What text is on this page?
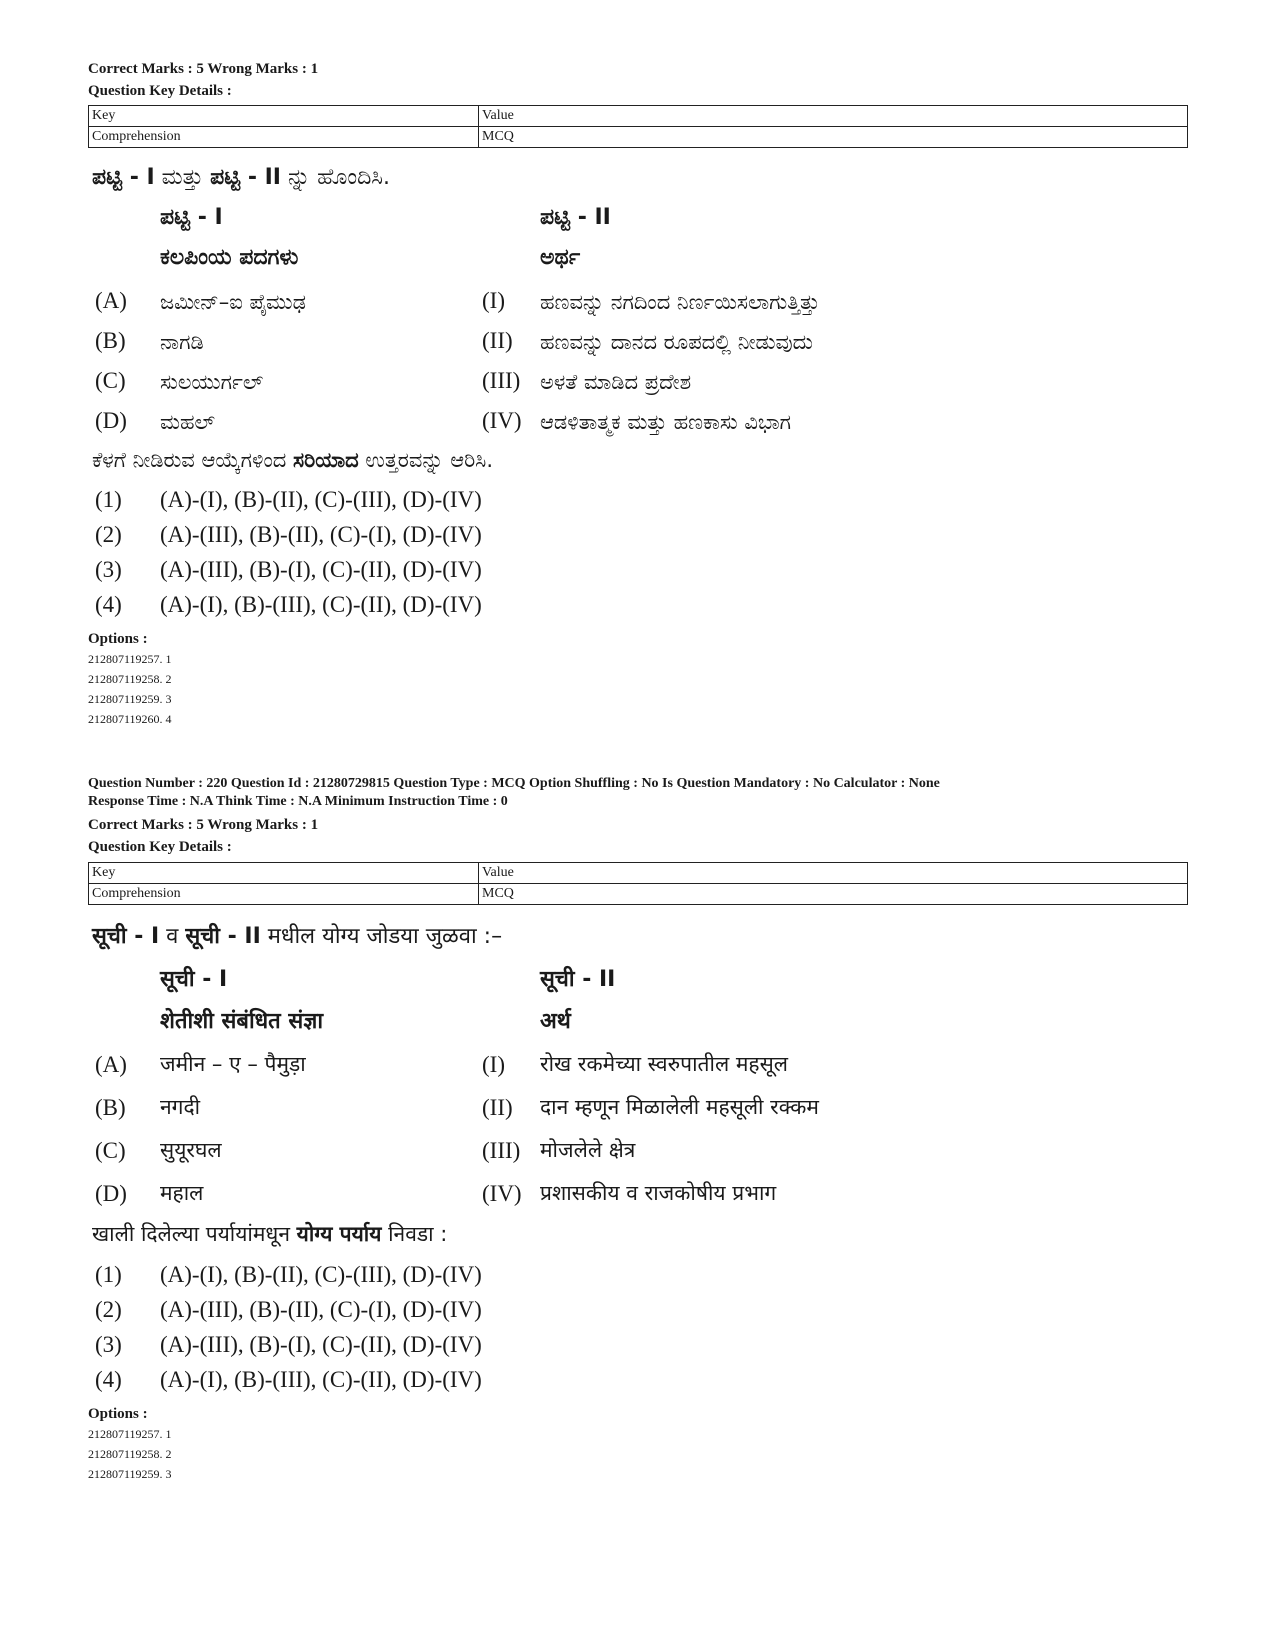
Correct Marks : 5 Wrong Marks : 1
Question Key Details :
Key	Value
Comprehension	MCQ
ಪಟ್ಟಿ - I ಮತ್ತು ಪಟ್ಟಿ - II ನ್ನು ಹೊಂದಿಸಿ.
ಪಟ್ಟಿ - I	ಪಟ್ಟಿ - II
ಕಲಪಿಂಯ ಪದಗಳು	ಅರ್ಥ
(A) ಜಮೀನ್–ಐ ಪೈಮುಢ	(I) ಹಣವನ್ನು ನಗದಿಂದ ನಿರ್ಣಯಿಸಲಾಗುತ್ತಿತ್ತು
(B) ನಾಗಡಿ	(II) ಹಣವನ್ನು ದಾನದ ರೂಪದಲ್ಲಿ ನೀಡುವುದು
(C) ಸುಲಯುರ್ಗಲ್	(III) ಅಳತೆ ಮಾಡಿದ ಪ್ರದೇಶ
(D) ಮಹಲ್	(IV) ಆಡಳಿತಾತ್ಮಕ ಮತ್ತು ಹಣಕಾಸು ವಿಭಾಗ
ಕೆಳಗೆ ನೀಡಿರುವ ಆಯ್ಕೆಗಳಿಂದ ಸರಿಯಾದ ಉತ್ತರವನ್ನು ಆರಿಸಿ.
(1) (A)-(I), (B)-(II), (C)-(III), (D)-(IV)
(2) (A)-(III), (B)-(II), (C)-(I), (D)-(IV)
(3) (A)-(III), (B)-(I), (C)-(II), (D)-(IV)
(4) (A)-(I), (B)-(III), (C)-(II), (D)-(IV)
Options :
212807119257. 1
212807119258. 2
212807119259. 3
212807119260. 4
Question Number : 220 Question Id : 21280729815 Question Type : MCQ Option Shuffling : No Is Question Mandatory : No Calculator : None
Response Time : N.A Think Time : N.A Minimum Instruction Time : 0
Correct Marks : 5 Wrong Marks : 1
Question Key Details :
Key	Value
Comprehension	MCQ
सूची - I व सूची - II मधील योग्य जोडया जुळवा :–
सूची - I	सूची - II
शेतीशी संबंधित संज्ञा	अर्थ
(A) जमीन – ए – पैमुड़ा	(I) रोख रकमेच्या स्वरुपातील महसूल
(B) नगदी	(II) दान म्हणून मिळालेली महसूली रक्कम
(C) सुयूरघल	(III) मोजलेले क्षेत्र
(D) महाल	(IV) प्रशासकीय व राजकोषीय प्रभाग
खाली दिलेल्या पर्यायांमधून योग्य पर्याय निवडा :
(1) (A)-(I), (B)-(II), (C)-(III), (D)-(IV)
(2) (A)-(III), (B)-(II), (C)-(I), (D)-(IV)
(3) (A)-(III), (B)-(I), (C)-(II), (D)-(IV)
(4) (A)-(I), (B)-(III), (C)-(II), (D)-(IV)
Options :
212807119257. 1
212807119258. 2
212807119259. 3
